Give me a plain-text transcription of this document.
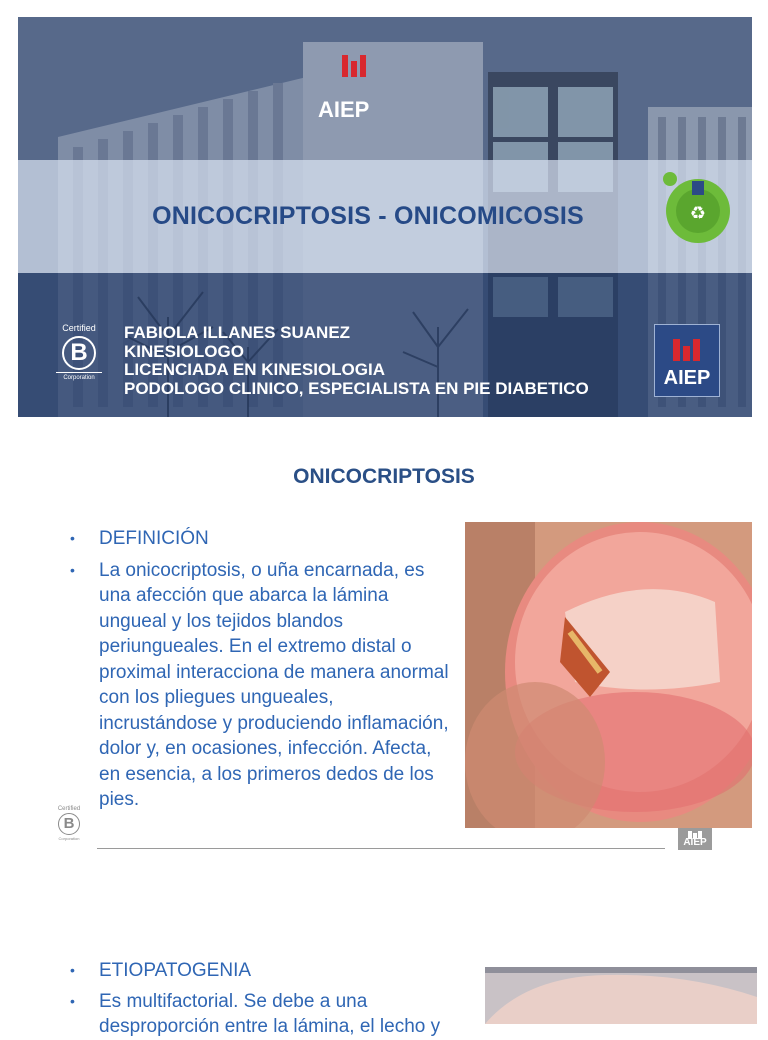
AIEP
ONICOCRIPTOSIS - ONICOMICOSIS	♻
Certified
B
Corporation
FABIOLA ILLANES SUANEZ
KINESIOLOGO
LICENCIADA EN KINESIOLOGIA
PODOLOGO CLINICO, ESPECIALISTA EN PIE DIABETICO	AIEP
ONICOCRIPTOSIS
• DEFINICIÓN
• La onicocriptosis, o uña encarnada, es una afección que abarca la lámina ungueal y los tejidos blandos periungueales. En el extremo distal o proximal interacciona de manera anormal con los pliegues ungueales, incrustándose y produciendo inflamación, dolor y, en ocasiones, infección. Afecta, en esencia, a los primeros dedos de los pies.
Certified
B
Corporation	AIEP
• ETIOPATOGENIA
• Es multifactorial. Se debe a una desproporción entre la lámina, el lecho y
